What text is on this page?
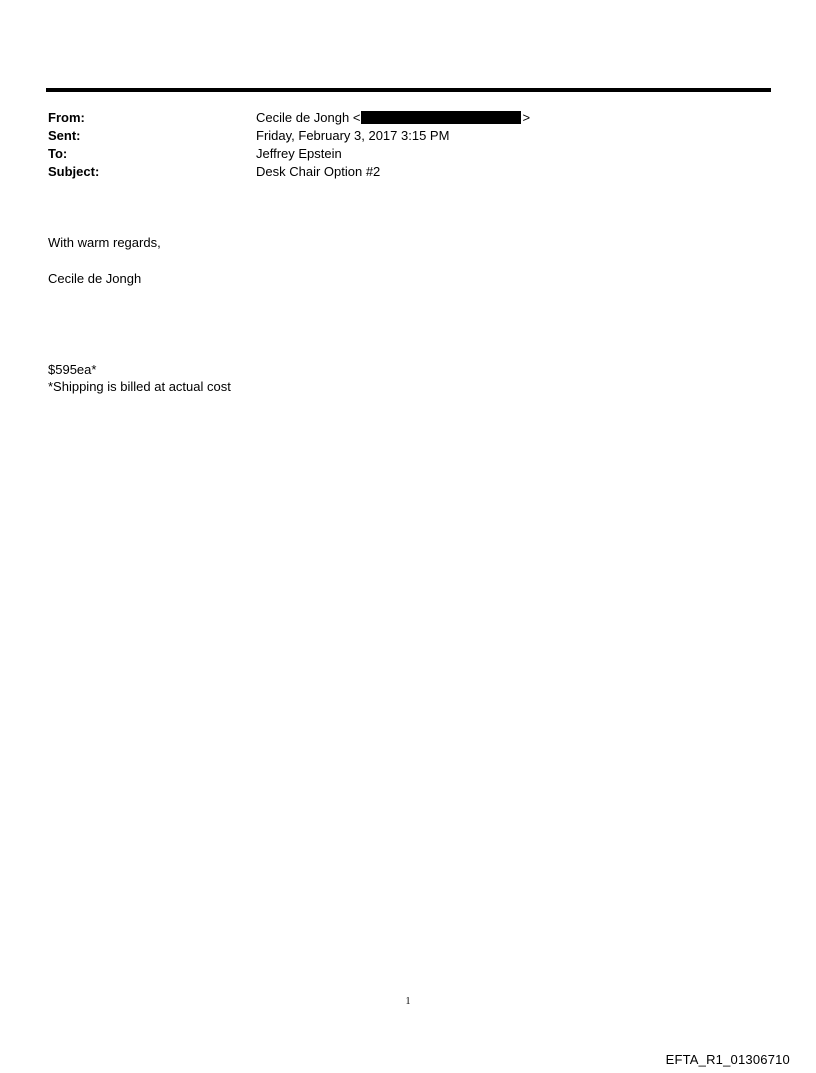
From:	Cecile de Jongh <	>
Sent:	Friday, February 3, 2017 3:15 PM
To:	Jeffrey Epstein
Subject:	Desk Chair Option #2
With warm regards,
Cecile de Jongh
$595ea*
*Shipping is billed at actual cost
1
EFTA_R1_01306710
